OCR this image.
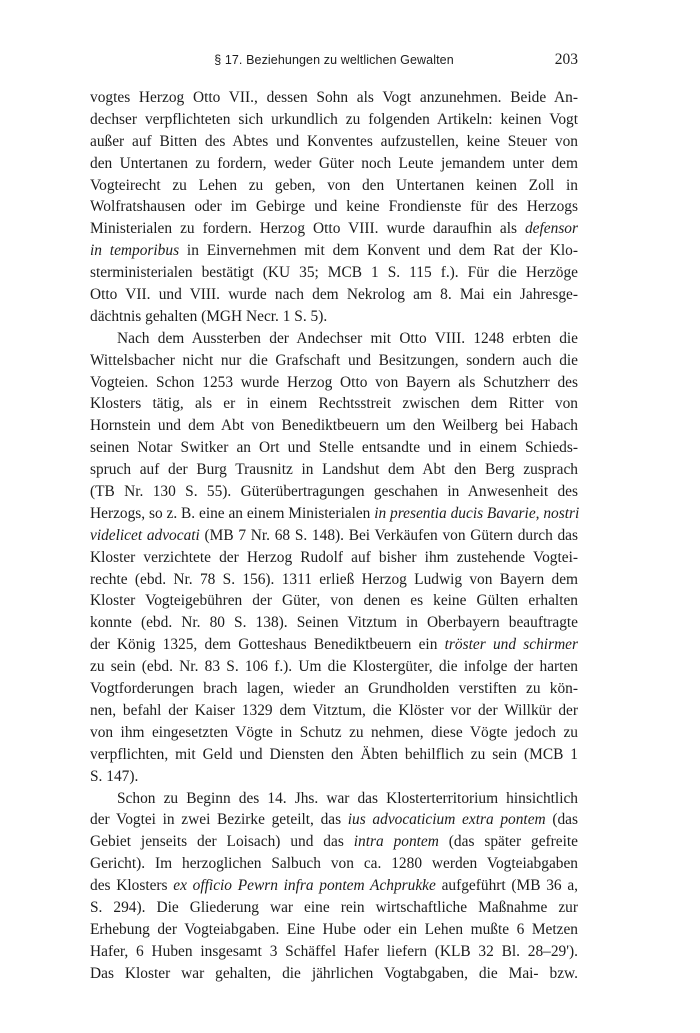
§ 17. Beziehungen zu weltlichen Gewalten	203
vogtes Herzog Otto VII., dessen Sohn als Vogt anzunehmen. Beide An-
dechser verpflichteten sich urkundlich zu folgenden Artikeln: keinen Vogt
außer auf Bitten des Abtes und Konventes aufzustellen, keine Steuer von
den Untertanen zu fordern, weder Güter noch Leute jemandem unter dem
Vogteirecht zu Lehen zu geben, von den Untertanen keinen Zoll in
Wolfratshausen oder im Gebirge und keine Frondienste für des Herzogs
Ministerialen zu fordern. Herzog Otto VIII. wurde daraufhin als defensor
in temporibus in Einvernehmen mit dem Konvent und dem Rat der Klo-
sterministerialen bestätigt (KU 35; MCB 1 S. 115 f.). Für die Herzöge
Otto VII. und VIII. wurde nach dem Nekrolog am 8. Mai ein Jahresge-
dächtnis gehalten (MGH Necr. 1 S. 5).
Nach dem Aussterben der Andechser mit Otto VIII. 1248 erbten die
Wittelsbacher nicht nur die Grafschaft und Besitzungen, sondern auch die
Vogteien. Schon 1253 wurde Herzog Otto von Bayern als Schutzherr des
Klosters tätig, als er in einem Rechtsstreit zwischen dem Ritter von
Hornstein und dem Abt von Benediktbeuern um den Weilberg bei Habach
seinen Notar Switker an Ort und Stelle entsandte und in einem Schieds-
spruch auf der Burg Trausnitz in Landshut dem Abt den Berg zusprach
(TB Nr. 130 S. 55). Güterübertragungen geschahen in Anwesenheit des
Herzogs, so z. B. eine an einem Ministerialen in presentia ducis Bavarie, nostri
videlicet advocati (MB 7 Nr. 68 S. 148). Bei Verkäufen von Gütern durch das
Kloster verzichtete der Herzog Rudolf auf bisher ihm zustehende Vogtei-
rechte (ebd. Nr. 78 S. 156). 1311 erließ Herzog Ludwig von Bayern dem
Kloster Vogteigebühren der Güter, von denen es keine Gülten erhalten
konnte (ebd. Nr. 80 S. 138). Seinen Vitztum in Oberbayern beauftragte
der König 1325, dem Gotteshaus Benediktbeuern ein tröster und schirmer
zu sein (ebd. Nr. 83 S. 106 f.). Um die Klostergüter, die infolge der harten
Vogtforderungen brach lagen, wieder an Grundholden verstiften zu kön-
nen, befahl der Kaiser 1329 dem Vitztum, die Klöster vor der Willkür der
von ihm eingesetzten Vögte in Schutz zu nehmen, diese Vögte jedoch zu
verpflichten, mit Geld und Diensten den Äbten behilflich zu sein (MCB 1
S. 147).
Schon zu Beginn des 14. Jhs. war das Klosterterritorium hinsichtlich
der Vogtei in zwei Bezirke geteilt, das ius advocaticium extra pontem (das
Gebiet jenseits der Loisach) und das intra pontem (das später gefreite
Gericht). Im herzoglichen Salbuch von ca. 1280 werden Vogteiabgaben
des Klosters ex officio Pewrn infra pontem Achprukke aufgeführt (MB 36 a,
S. 294). Die Gliederung war eine rein wirtschaftliche Maßnahme zur
Erhebung der Vogteiabgaben. Eine Hube oder ein Lehen mußte 6 Metzen
Hafer, 6 Huben insgesamt 3 Schäffel Hafer liefern (KLB 32 Bl. 28–29').
Das Kloster war gehalten, die jährlichen Vogtabgaben, die Mai- bzw.
